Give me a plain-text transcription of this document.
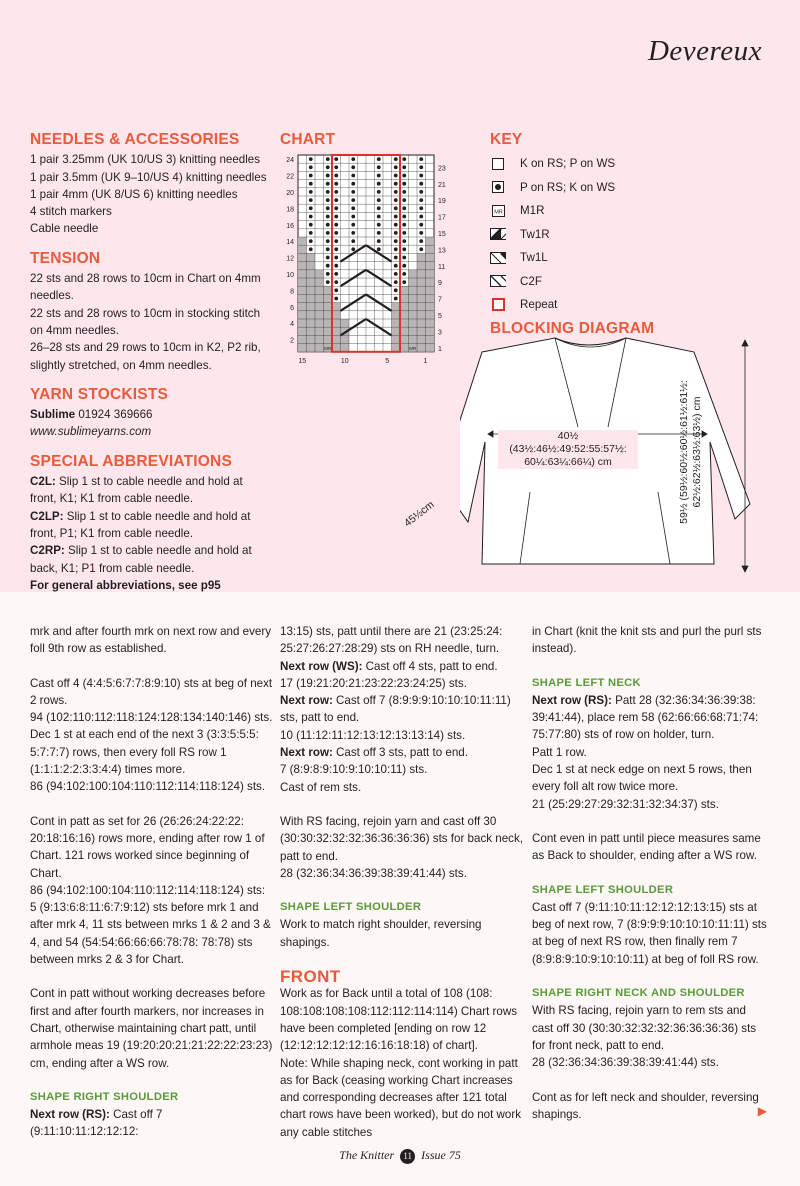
Devereux
NEEDLES & ACCESSORIES

1 pair 3.25mm (UK 10/US 3) knitting needles

1 pair 3.5mm (UK 9–10/US 4) knitting needles

1 pair 4mm (UK 8/US 6) knitting needles

4 stitch markers

Cable needle

TENSION

22 sts and 28 rows to 10cm in Chart on 4mm needles.

22 sts and 28 rows to 10cm in stocking stitch on 4mm needles.

26–28 sts and 29 rows to 10cm in K2, P2 rib, slightly stretched, on 4mm needles.

YARN STOCKISTS

Sublime 01924 369666

www.sublimeyarns.com

SPECIAL ABBREVIATIONS

C2L: Slip 1 st to cable needle and hold at front, K1; K1 from cable needle.

C2LP: Slip 1 st to cable needle and hold at front, P1; K1 from cable needle.

C2RP: Slip 1 st to cable needle and hold at back, K1; P1 from cable needle.

For general abbreviations, see p95

CHART
MR	MR
24
22
20
18
16
14
12
10
8
6
4
2
23
21
19
17
15
13
11
9
7
5
3
1
15	10	5	1
KEY
K on RS; P on WS
P on RS; K on WS
MR M1R
Tw1R
Tw1L
C2F
Repeat
BLOCKING DIAGRAM
40½ (43½:46½:49:52:55:57½:
60¼:63¼:66¼) cm
45½cm	59½ (59½:60½:60½:61½:61½: 62½:62½:63½:63½) cm

mrk and after fourth mrk on next row and every foll 9th row as established.

Cast off 4 (4:4:5:6:7:7:8:9:10) sts at beg of next 2 rows.

94 (102:110:112:118:124:128:134:140:146) sts.

Dec 1 st at each end of the next 3 (3:3:5:5:5: 5:7:7:7) rows, then every foll RS row 1 (1:1:1:2:2:3:3:4:4) times more.

86 (94:102:100:104:110:112:114:118:124) sts.

Cont in patt as set for 26 (26:26:24:22:22: 20:18:16:16) rows more, ending after row 1 of Chart. 121 rows worked since beginning of Chart.

86 (94:102:100:104:110:112:114:118:124) sts: 5 (9:13:6:8:11:6:7:9:12) sts before mrk 1 and after mrk 4, 11 sts between mrks 1 & 2 and 3 & 4, and 54 (54:54:66:66:66:78:78: 78:78) sts between mrks 2 & 3 for Chart.

Cont in patt without working decreases before first and after fourth markers, nor increases in Chart, otherwise maintaining chart patt, until armhole meas 19 (19:20:20:21:21:22:22:23:23) cm, ending after a WS row.

SHAPE RIGHT SHOULDER

Next row (RS): Cast off 7 (9:11:10:11:12:12:12:

13:15) sts, patt until there are 21 (23:25:24: 25:27:26:27:28:29) sts on RH needle, turn.

Next row (WS): Cast off 4 sts, patt to end.

17 (19:21:20:21:23:22:23:24:25) sts.

Next row: Cast off 7 (8:9:9:9:10:10:10:11:11) sts, patt to end.

10 (11:12:11:12:13:12:13:13:14) sts.

Next row: Cast off 3 sts, patt to end.

7 (8:9:8:9:10:9:10:10:11) sts.

Cast of rem sts.

With RS facing, rejoin yarn and cast off 30 (30:30:32:32:32:36:36:36:36) sts for back neck, patt to end.

28 (32:36:34:36:39:38:39:41:44) sts.

SHAPE LEFT SHOULDER

Work to match right shoulder, reversing shapings.

FRONT

Work as for Back until a total of 108 (108: 108:108:108:108:112:112:114:114) Chart rows have been completed [ending on row 12 (12:12:12:12:12:16:16:18:18) of chart].

Note: While shaping neck, cont working in patt as for Back (ceasing working Chart increases and corresponding decreases after 121 total chart rows have been worked), but do not work any cable stitches

in Chart (knit the knit sts and purl the purl sts instead).

SHAPE LEFT NECK

Next row (RS): Patt 28 (32:36:34:36:39:38: 39:41:44), place rem 58 (62:66:66:68:71:74: 75:77:80) sts of row on holder, turn.

Patt 1 row.

Dec 1 st at neck edge on next 5 rows, then every foll alt row twice more.

21 (25:29:27:29:32:31:32:34:37) sts.

Cont even in patt until piece measures same as Back to shoulder, ending after a WS row.

SHAPE LEFT SHOULDER

Cast off 7 (9:11:10:11:12:12:12:13:15) sts at beg of next row, 7 (8:9:9:9:10:10:10:11:11) sts at beg of next RS row, then finally rem 7 (8:9:8:9:10:9:10:10:11) at beg of foll RS row.

SHAPE RIGHT NECK AND SHOULDER

With RS facing, rejoin yarn to rem sts and cast off 30 (30:30:32:32:32:36:36:36:36) sts for front neck, patt to end.

28 (32:36:34:36:39:38:39:41:44) sts.

Cont as for left neck and shoulder, reversing shapings.	▶
The Knitter 11 Issue 75
